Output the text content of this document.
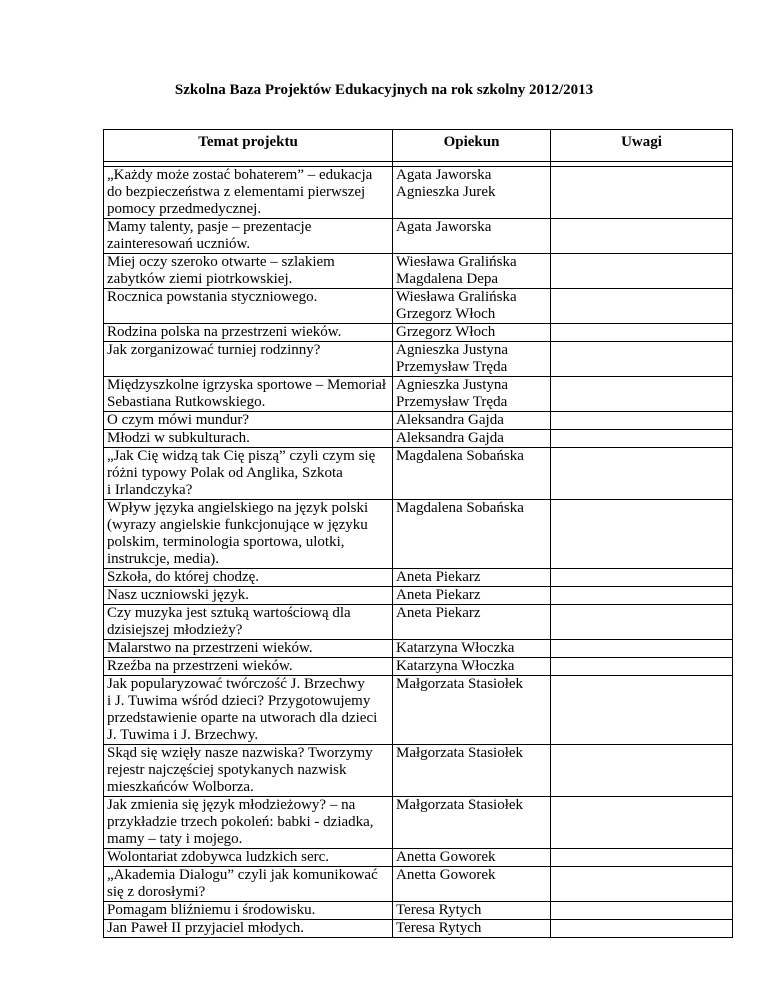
Szkolna Baza Projektów Edukacyjnych na rok szkolny 2012/2013
Temat projektu	Opiekun	Uwagi

„Każdy może zostać bohaterem” – edukacja do bezpieczeństwa z elementami pierwszej pomocy przedmedycznej.	Agata Jaworska
Agnieszka Jurek	
Mamy talenty, pasje – prezentacje zainteresowań uczniów.	Agata Jaworska	
Miej oczy szeroko otwarte – szlakiem zabytków ziemi piotrkowskiej.	Wiesława Gralińska
Magdalena Depa	
Rocznica powstania styczniowego.	Wiesława Gralińska
Grzegorz Włoch	
Rodzina polska na przestrzeni wieków.	Grzegorz Włoch	
Jak zorganizować turniej rodzinny?	Agnieszka Justyna
Przemysław Tręda	
Międzyszkolne igrzyska sportowe – Memoriał Sebastiana Rutkowskiego.	Agnieszka Justyna
Przemysław Tręda	
O czym mówi mundur?	Aleksandra Gajda	
Młodzi w subkulturach.	Aleksandra Gajda	
„Jak Cię widzą tak Cię piszą” czyli czym się różni typowy Polak od Anglika, Szkota
i Irlandczyka?	Magdalena Sobańska	
Wpływ języka angielskiego na język polski (wyrazy angielskie funkcjonujące w języku polskim, terminologia sportowa, ulotki, instrukcje, media).	Magdalena Sobańska	
Szkoła, do której chodzę.	Aneta Piekarz	
Nasz uczniowski język.	Aneta Piekarz	
Czy muzyka jest sztuką wartościową dla dzisiejszej młodzieży?	Aneta Piekarz	
Malarstwo na przestrzeni wieków.	Katarzyna Włoczka	
Rzeźba na przestrzeni wieków.	Katarzyna Włoczka	
Jak popularyzować twórczość J. Brzechwy
i J. Tuwima wśród dzieci? Przygotowujemy przedstawienie oparte na utworach dla dzieci J. Tuwima i J. Brzechwy.	Małgorzata Stasiołek	
Skąd się wzięły nasze nazwiska? Tworzymy rejestr najczęściej spotykanych nazwisk mieszkańców Wolborza.	Małgorzata Stasiołek	
Jak zmienia się język młodzieżowy? – na przykładzie trzech pokoleń: babki - dziadka, mamy – taty i mojego.	Małgorzata Stasiołek	
Wolontariat zdobywca ludzkich serc.	Anetta Goworek	
„Akademia Dialogu” czyli jak komunikować się z dorosłymi?	Anetta Goworek	
Pomagam bliźniemu i środowisku.	Teresa Rytych	
Jan Paweł II przyjaciel młodych.	Teresa Rytych	
